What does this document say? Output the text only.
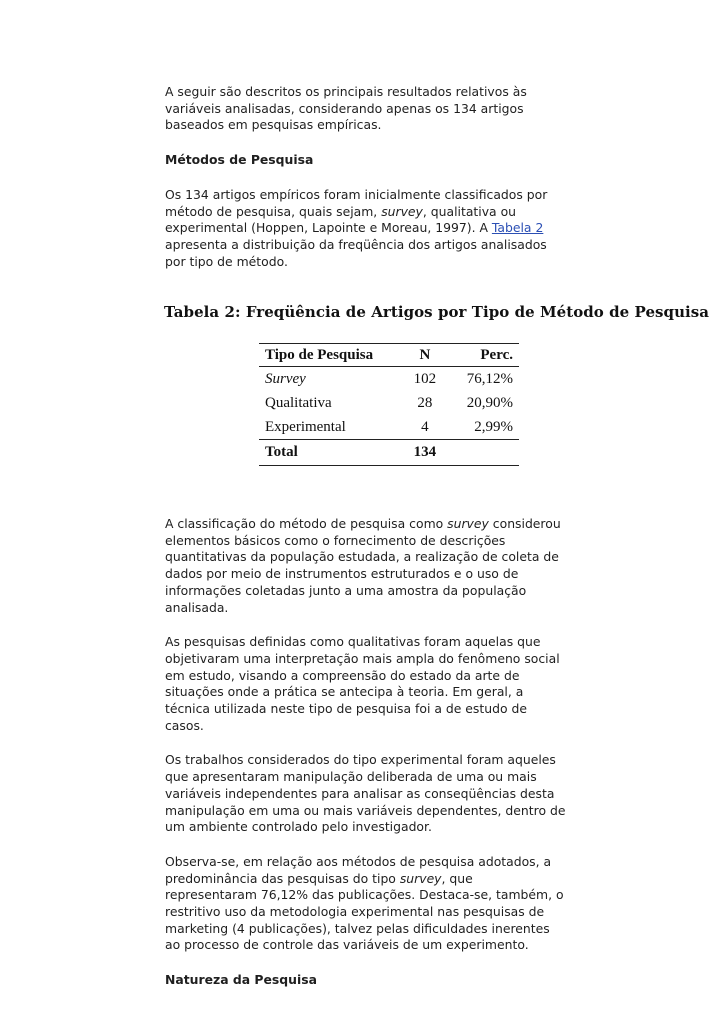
A seguir são descritos os principais resultados relativos às variáveis analisadas, considerando apenas os 134 artigos baseados em pesquisas empíricas.

Métodos de Pesquisa

Os 134 artigos empíricos foram inicialmente classificados por método de pesquisa, quais sejam, survey, qualitativa ou experimental (Hoppen, Lapointe e Moreau, 1997). A Tabela 2
apresenta a distribuição da freqüência dos artigos analisados por tipo de método.

Tabela 2: Freqüência de Artigos por Tipo de Método de Pesquisa
Tipo de Pesquisa	N	Perc.
Survey	102	76,12%
Qualitativa	28	20,90%
Experimental	4	2,99%
Total	134	

A classificação do método de pesquisa como survey considerou elementos básicos como o fornecimento de descrições quantitativas da população estudada, a realização de coleta de dados por meio de instrumentos estruturados e o uso de informações coletadas junto a uma amostra da população analisada.

As pesquisas definidas como qualitativas foram aquelas que objetivaram uma interpretação mais ampla do fenômeno social em estudo, visando a compreensão do estado da arte de situações onde a prática se antecipa à teoria. Em geral, a técnica utilizada neste tipo de pesquisa foi a de estudo de casos.

Os trabalhos considerados do tipo experimental foram aqueles que apresentaram manipulação deliberada de uma ou mais variáveis independentes para analisar as conseqüências desta manipulação em uma ou mais variáveis dependentes, dentro de um ambiente controlado pelo investigador.

Observa-se, em relação aos métodos de pesquisa adotados, a predominância das pesquisas do tipo survey, que representaram 76,12% das publicações. Destaca-se, também, o restritivo uso da metodologia experimental nas pesquisas de marketing (4 publicações), talvez pelas dificuldades inerentes ao processo de controle das variáveis de um experimento.

Natureza da Pesquisa
